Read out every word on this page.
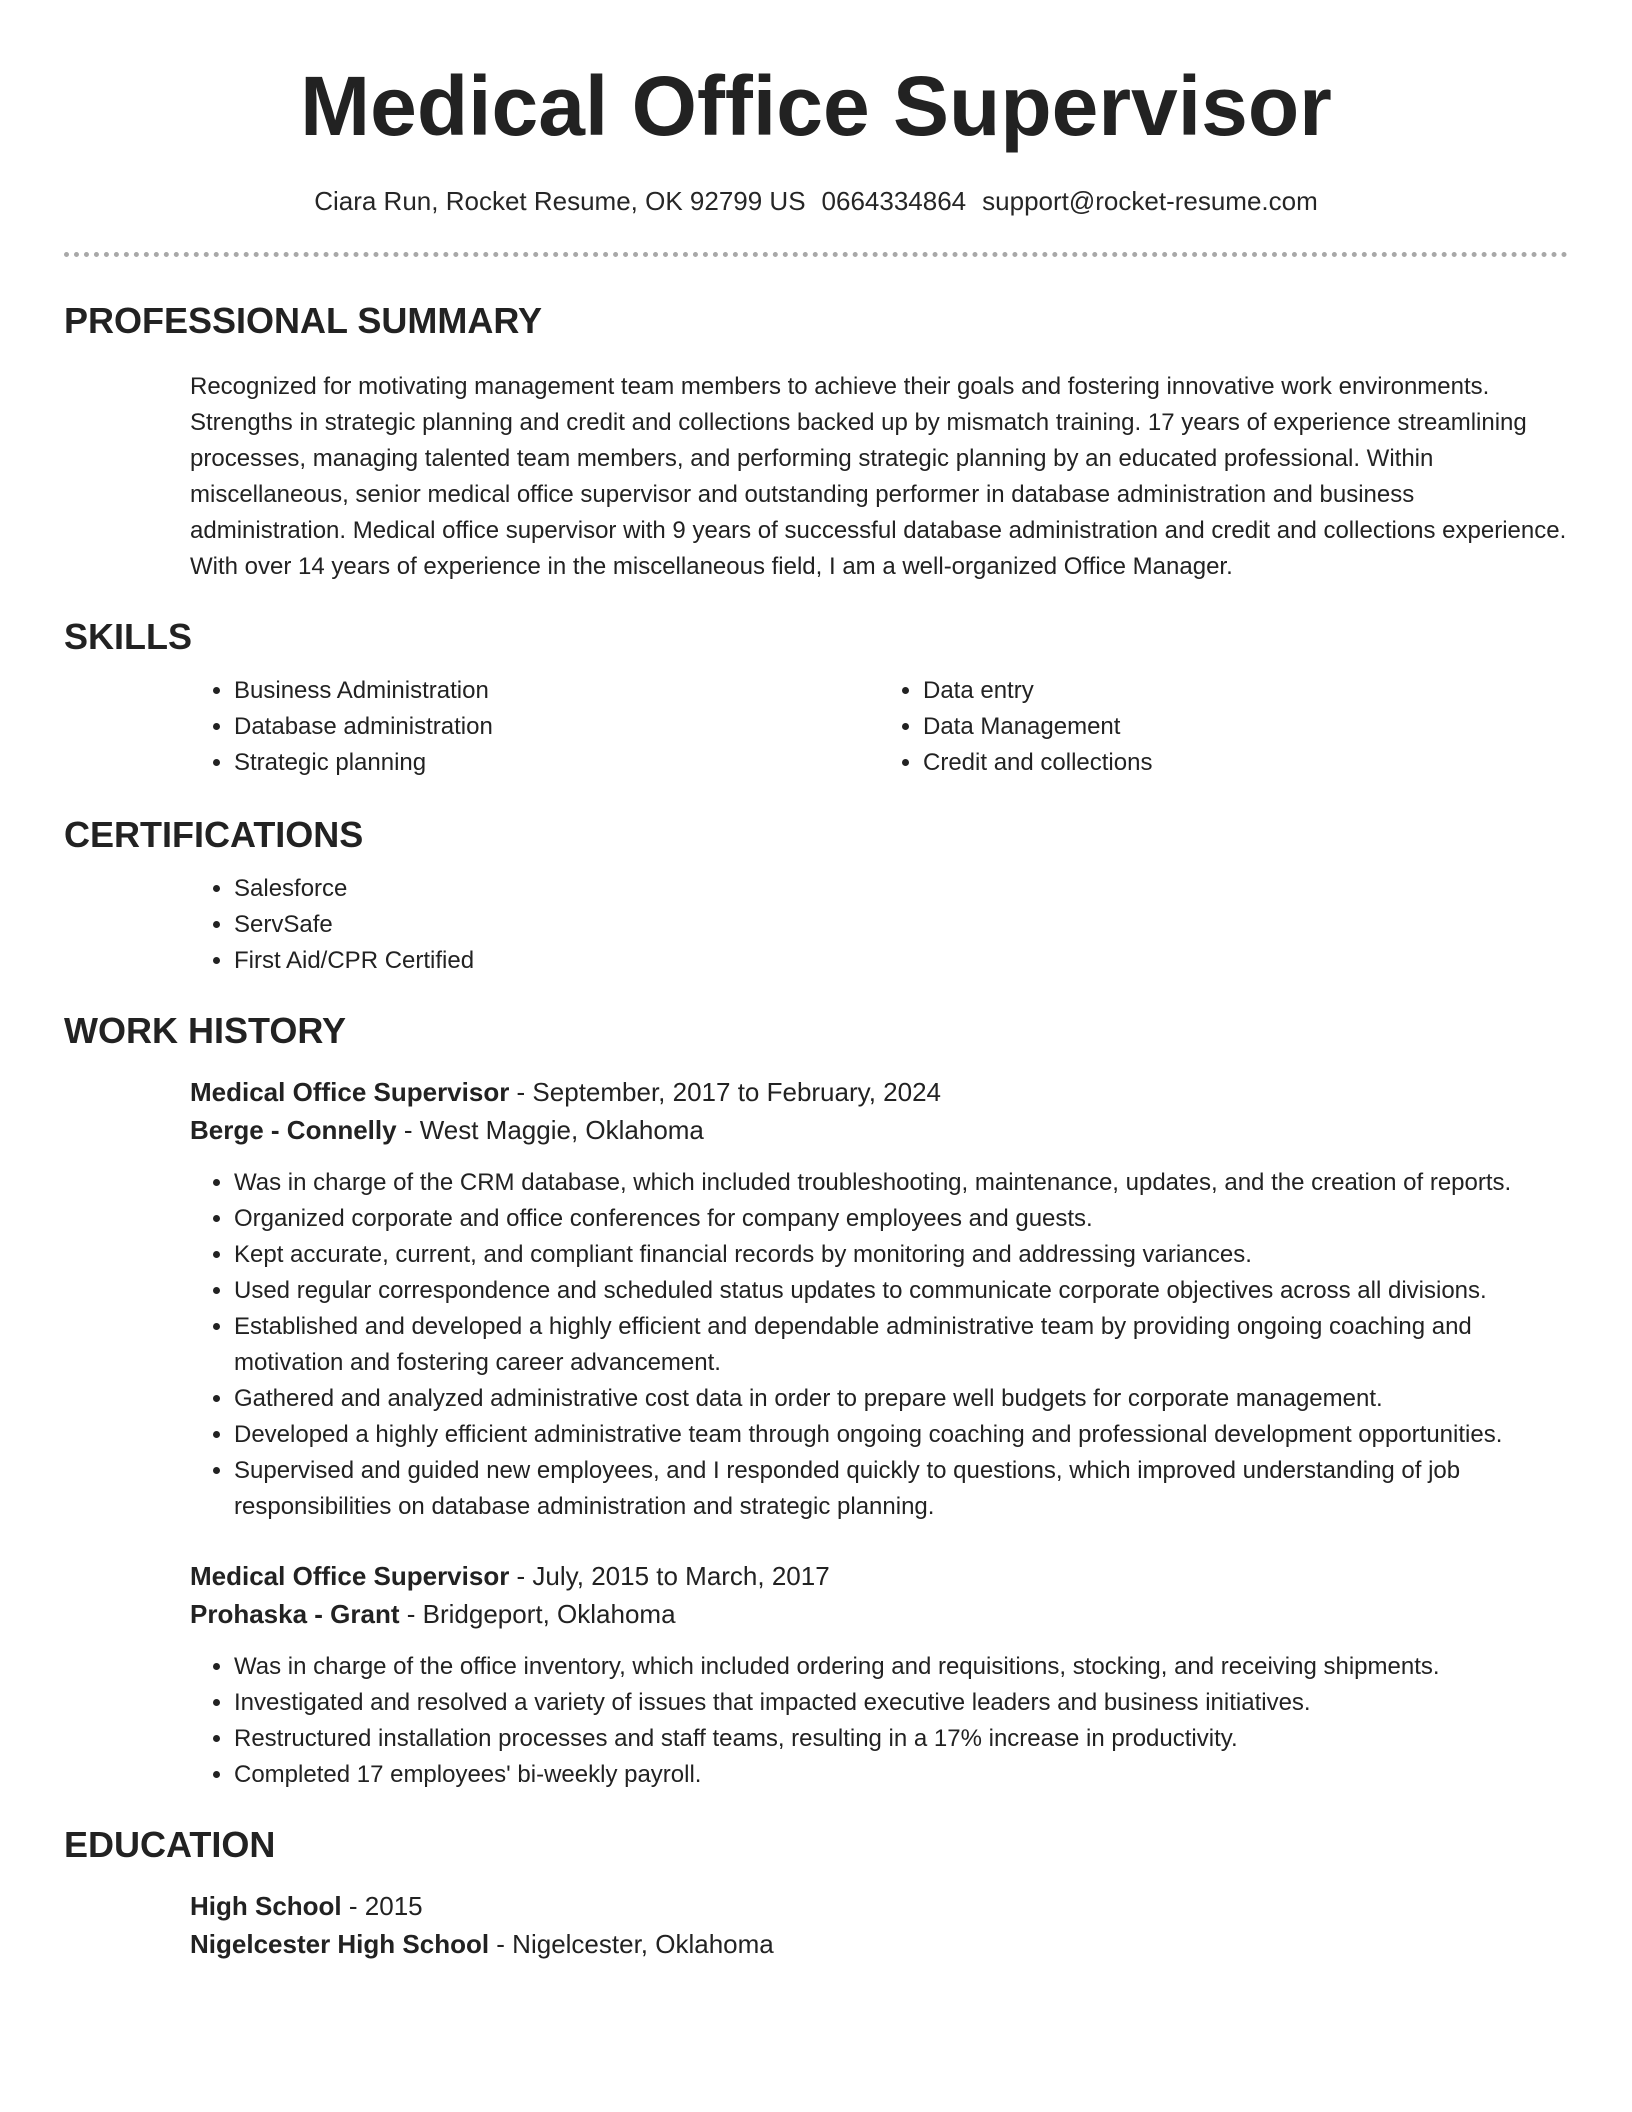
Medical Office Supervisor
Ciara Run, Rocket Resume, OK 92799 US 0664334864 support@rocket-resume.com
PROFESSIONAL SUMMARY

Recognized for motivating management team members to achieve their goals and fostering innovative work environments. Strengths in strategic planning and credit and collections backed up by mismatch training. 17 years of experience streamlining processes, managing talented team members, and performing strategic planning by an educated professional. Within miscellaneous, senior medical office supervisor and outstanding performer in database administration and business administration. Medical office supervisor with 9 years of successful database administration and credit and collections experience. With over 14 years of experience in the miscellaneous field, I am a well-organized Office Manager.

SKILLS
• Business Administration
• Database administration
• Strategic planning
• Data entry
• Data Management
• Credit and collections
CERTIFICATIONS
• Salesforce
• ServSafe
• First Aid/CPR Certified
WORK HISTORY
Medical Office Supervisor - September, 2017 to February, 2024
Berge - Connelly - West Maggie, Oklahoma
• Was in charge of the CRM database, which included troubleshooting, maintenance, updates, and the creation of reports.
• Organized corporate and office conferences for company employees and guests.
• Kept accurate, current, and compliant financial records by monitoring and addressing variances.
• Used regular correspondence and scheduled status updates to communicate corporate objectives across all divisions.
• Established and developed a highly efficient and dependable administrative team by providing ongoing coaching and motivation and fostering career advancement.
• Gathered and analyzed administrative cost data in order to prepare well budgets for corporate management.
• Developed a highly efficient administrative team through ongoing coaching and professional development opportunities.
• Supervised and guided new employees, and I responded quickly to questions, which improved understanding of job responsibilities on database administration and strategic planning.
Medical Office Supervisor - July, 2015 to March, 2017
Prohaska - Grant - Bridgeport, Oklahoma
• Was in charge of the office inventory, which included ordering and requisitions, stocking, and receiving shipments.
• Investigated and resolved a variety of issues that impacted executive leaders and business initiatives.
• Restructured installation processes and staff teams, resulting in a 17% increase in productivity.
• Completed 17 employees' bi-weekly payroll.
EDUCATION
High School - 2015
Nigelcester High School - Nigelcester, Oklahoma
